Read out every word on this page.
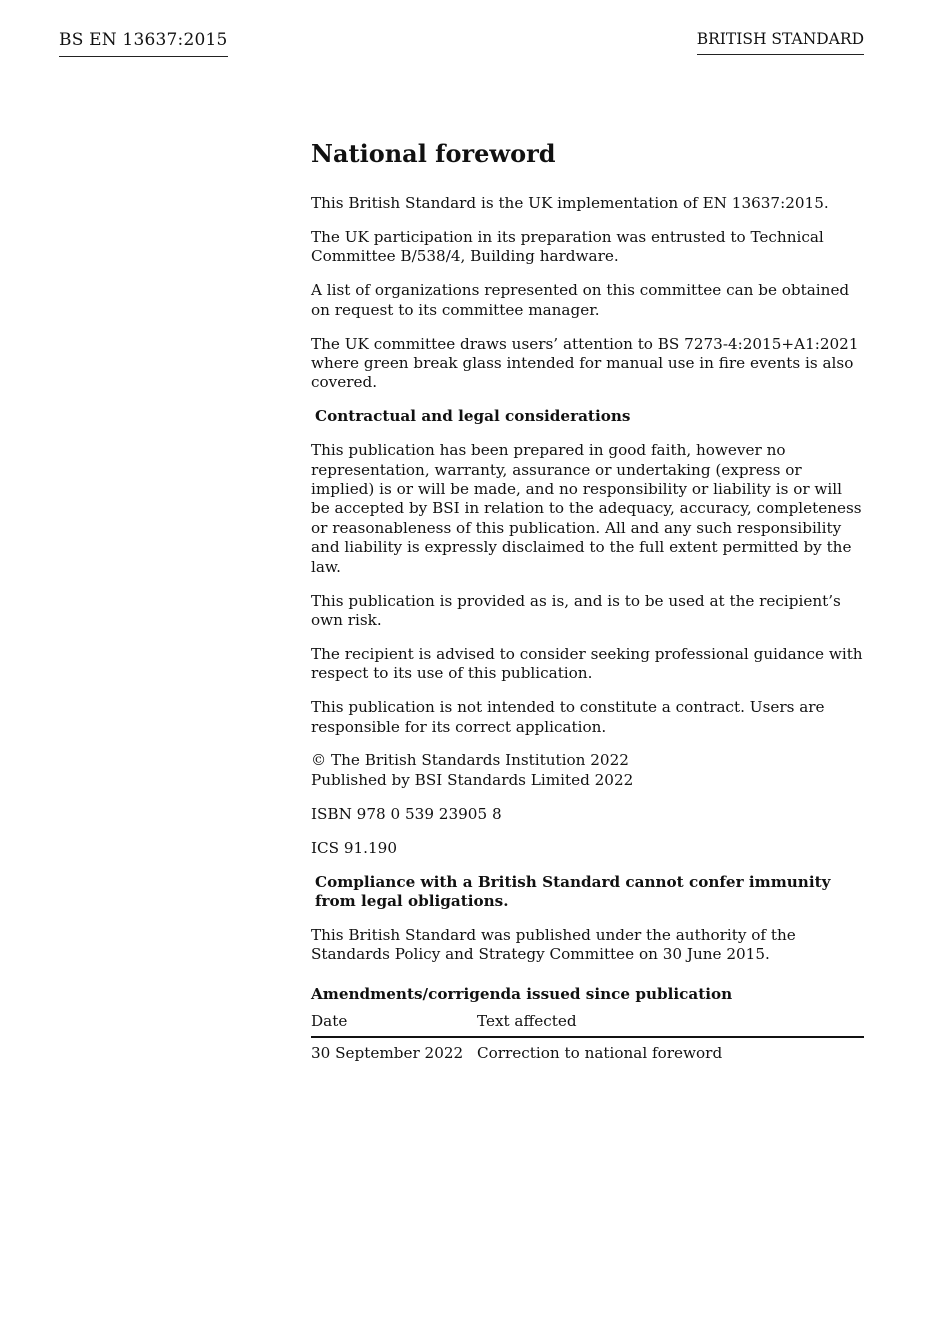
BS EN 13637:2015	BRITISH STANDARD
National foreword

This British Standard is the UK implementation of EN 13637:2015.

The UK participation in its preparation was entrusted to Technical Committee B/538/4, Building hardware.

A list of organizations represented on this committee can be obtained on request to its committee manager.

The UK committee draws users’ attention to BS 7273-4:2015+A1:2021 where green break glass intended for manual use in fire events is also covered.

Contractual and legal considerations

This publication has been prepared in good faith, however no representation, warranty, assurance or undertaking (express or implied) is or will be made, and no responsibility or liability is or will be accepted by BSI in relation to the adequacy, accuracy, completeness or reasonableness of this publication. All and any such responsibility and liability is expressly disclaimed to the full extent permitted by the law.

This publication is provided as is, and is to be used at the recipient’s own risk.

The recipient is advised to consider seeking professional guidance with respect to its use of this publication.

This publication is not intended to constitute a contract. Users are responsible for its correct application.

© The British Standards Institution 2022
Published by BSI Standards Limited 2022

ISBN 978 0 539 23905 8

ICS 91.190

Compliance with a British Standard cannot confer immunity from legal obligations.

This British Standard was published under the authority of the Standards Policy and Strategy Committee on 30 June 2015.

Amendments/corrigenda issued since publication
Date	Text affected
30 September 2022	Correction to national foreword
